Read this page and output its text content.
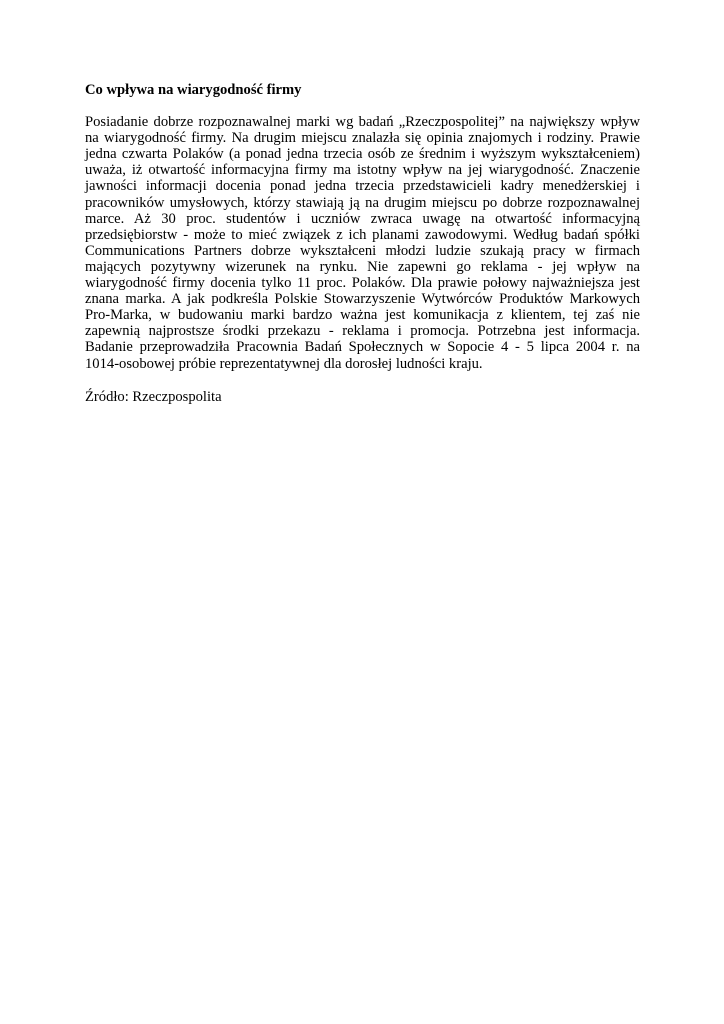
Co wpływa na wiarygodność firmy

Posiadanie dobrze rozpoznawalnej marki wg badań „Rzeczpospolitej” na największy wpływ
na wiarygodność firmy. Na drugim miejscu znalazła się opinia znajomych i rodziny. Prawie
jedna czwarta Polaków (a ponad jedna trzecia osób ze średnim i wyższym wykształceniem)
uważa, iż otwartość informacyjna firmy ma istotny wpływ na jej wiarygodność. Znaczenie
jawności informacji docenia ponad jedna trzecia przedstawicieli kadry menedżerskiej i
pracowników umysłowych, którzy stawiają ją na drugim miejscu po dobrze rozpoznawalnej
marce. Aż 30 proc. studentów i uczniów zwraca uwagę na otwartość informacyjną
przedsiębiorstw - może to mieć związek z ich planami zawodowymi. Według badań spółki
Communications Partners dobrze wykształceni młodzi ludzie szukają pracy w firmach
mających pozytywny wizerunek na rynku. Nie zapewni go reklama - jej wpływ na
wiarygodność firmy docenia tylko 11 proc. Polaków. Dla prawie połowy najważniejsza jest
znana marka. A jak podkreśla Polskie Stowarzyszenie Wytwórców Produktów Markowych
Pro-Marka, w budowaniu marki bardzo ważna jest komunikacja z klientem, tej zaś nie
zapewnią najprostsze środki przekazu - reklama i promocja. Potrzebna jest informacja.
Badanie przeprowadziła Pracownia Badań Społecznych w Sopocie 4 - 5 lipca 2004 r. na
1014-osobowej próbie reprezentatywnej dla dorosłej ludności kraju.

Źródło: Rzeczpospolita
